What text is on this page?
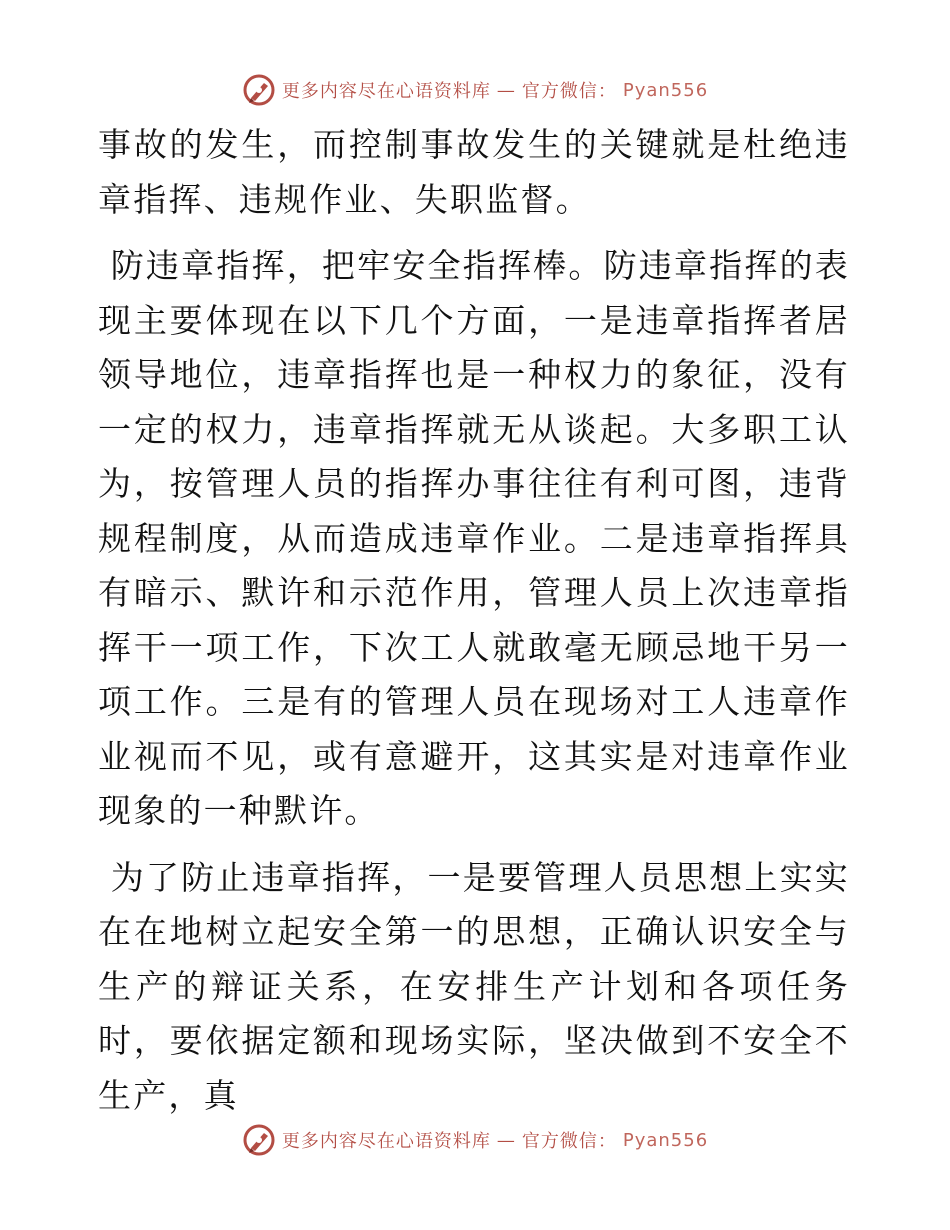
更多内容尽在心语资料库 — 官方微信： Pyan556

事故的发生，而控制事故发生的关键就是杜绝违章指挥、违规作业、失职监督。

防违章指挥，把牢安全指挥棒。防违章指挥的表现主要体现在以下几个方面，一是违章指挥者居领导地位，违章指挥也是一种权力的象征，没有一定的权力，违章指挥就无从谈起。大多职工认为，按管理人员的指挥办事往往有利可图，违背规程制度，从而造成违章作业。二是违章指挥具有暗示、默许和示范作用，管理人员上次违章指挥干一项工作，下次工人就敢毫无顾忌地干另一项工作。三是有的管理人员在现场对工人违章作业视而不见，或有意避开，这其实是对违章作业现象的一种默许。

为了防止违章指挥，一是要管理人员思想上实实在在地树立起安全第一的思想，正确认识安全与生产的辩证关系，在安排生产计划和各项任务时，要依据定额和现场实际，坚决做到不安全不生产，真

更多内容尽在心语资料库 — 官方微信： Pyan556
